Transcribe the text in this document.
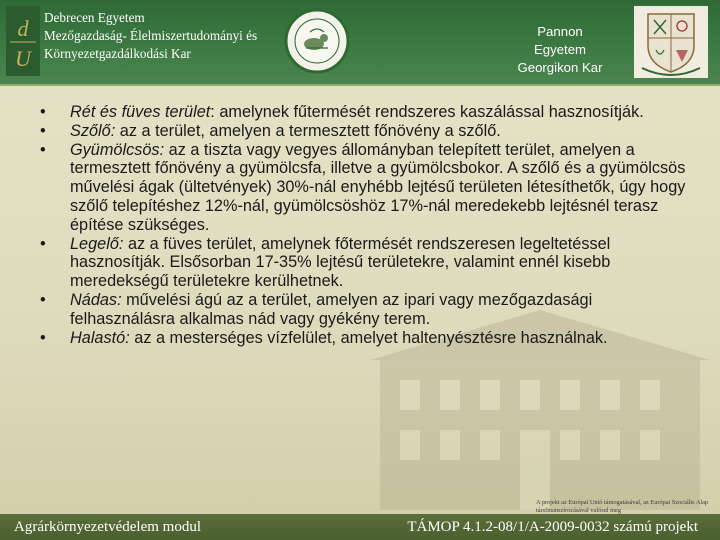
d
U
Debrecen Egyetem
Mezőgazdaság- Élelmiszertudományi és
Környezetgazdálkodási Kar
Pannon Egyetem
Georgikon Kar
• Rét és füves terület: amelynek fűtermését rendszeres kaszálással hasznosítják.
• Szőlő: az a terület, amelyen a termesztett főnövény a szőlő.
• Gyümölcsös: az a tiszta vagy vegyes állományban telepített terület, amelyen a termesztett főnövény a gyümölcsfa, illetve a gyümölcsbokor. A szőlő és a gyümölcsös művelési ágak (ültetvények) 30%-nál enyhébb lejtésű területen létesíthetők, úgy hogy szőlő telepítéshez 12%-nál, gyümölcsöshöz 17%-nál meredekebb lejtésnél terasz építése szükséges.
• Legelő: az a füves terület, amelynek főtermését rendszeresen legeltetéssel hasznosítják. Elsősorban 17-35% lejtésű területekre, valamint ennél kisebb meredekségű területekre kerülhetnek.
• Nádas: művelési ágú az a terület, amelyen az ipari vagy mezőgazdasági felhasználásra alkalmas nád vagy gyékény terem.
• Halastó: az a mesterséges vízfelület, amelyet haltenyésztésre használnak.
A projekt az Európai Unió támogatásával, az Európai Szociális Alap társfinanszírozásával valósul meg
Agrárkörnyezetvédelem modul	TÁMOP 4.1.2-08/1/A-2009-0032 számú projekt
